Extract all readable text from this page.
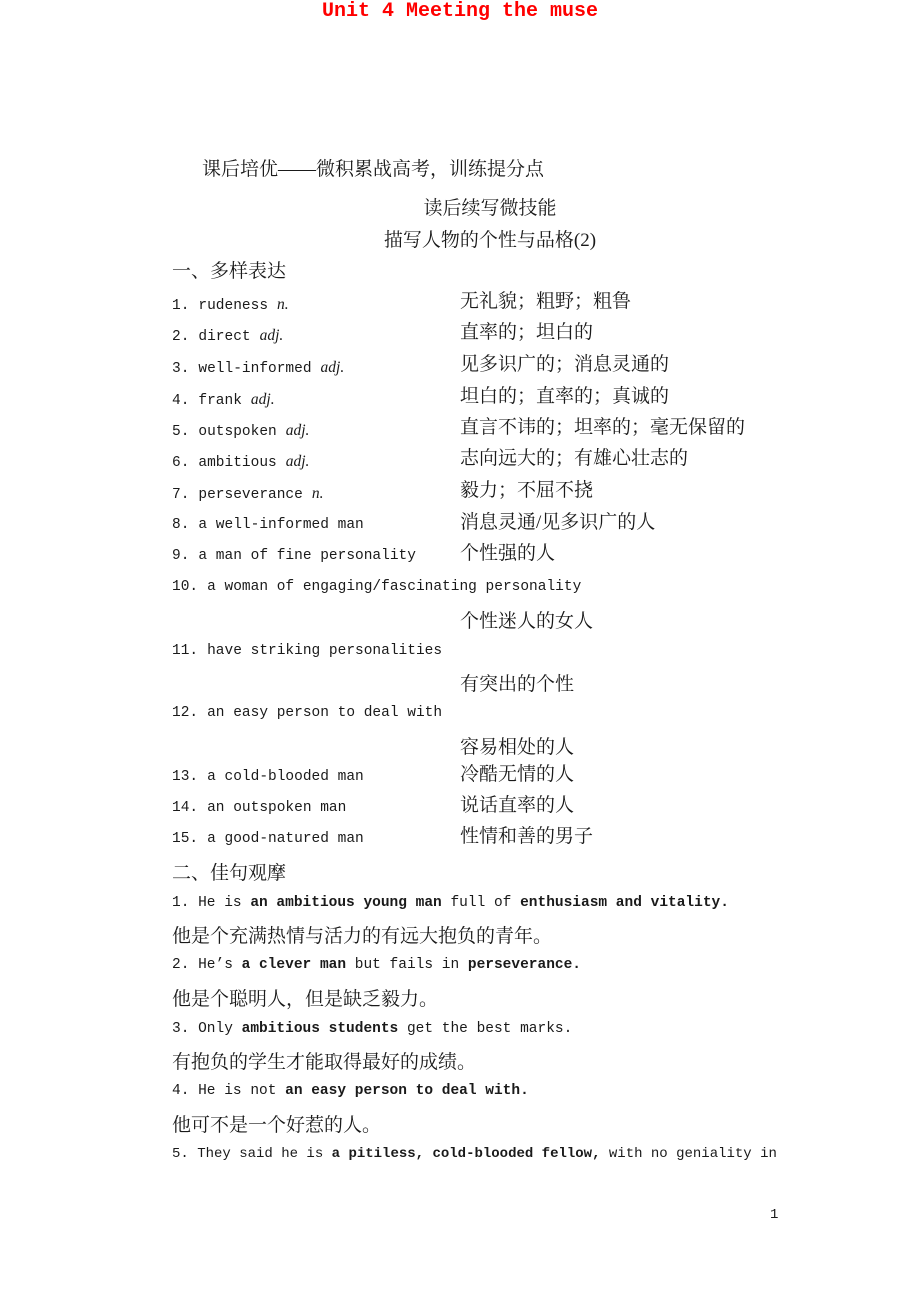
Unit 4 Meeting the muse
课后培优——微积累战高考，训练提分点
读后续写微技能
描写人物的个性与品格(2)
一、多样表达
1. rudeness n.	无礼貌；粗野；粗鲁
2. direct adj.	直率的；坦白的
3. well-informed adj.	见多识广的；消息灵通的
4. frank adj.	坦白的；直率的；真诚的
5. outspoken adj.	直言不讳的；坦率的；毫无保留的
6. ambitious adj.	志向远大的；有雄心壮志的
7. perseverance n.	毅力；不屈不挠
8. a well-informed man	消息灵通/见多识广的人
9. a man of fine personality 个性强的人
10. a woman of engaging/fascinating personality
个性迷人的女人
11. have striking personalities
有突出的个性
12. an easy person to deal with
容易相处的人
13. a cold-blooded man	冷酷无情的人
14. an outspoken man	说话直率的人
15. a good-natured man	性情和善的男子
二、佳句观摩
1. He is an ambitious young man full of enthusiasm and vitality.
他是个充满热情与活力的有远大抱负的青年。
2. He’s a clever man but fails in perseverance.
他是个聪明人，但是缺乏毅力。
3. Only ambitious students get the best marks.
有抱负的学生才能取得最好的成绩。
4. He is not an easy person to deal with.
他可不是一个好惹的人。
5. They said he is a pitiless, cold-blooded fellow, with no geniality in
1
